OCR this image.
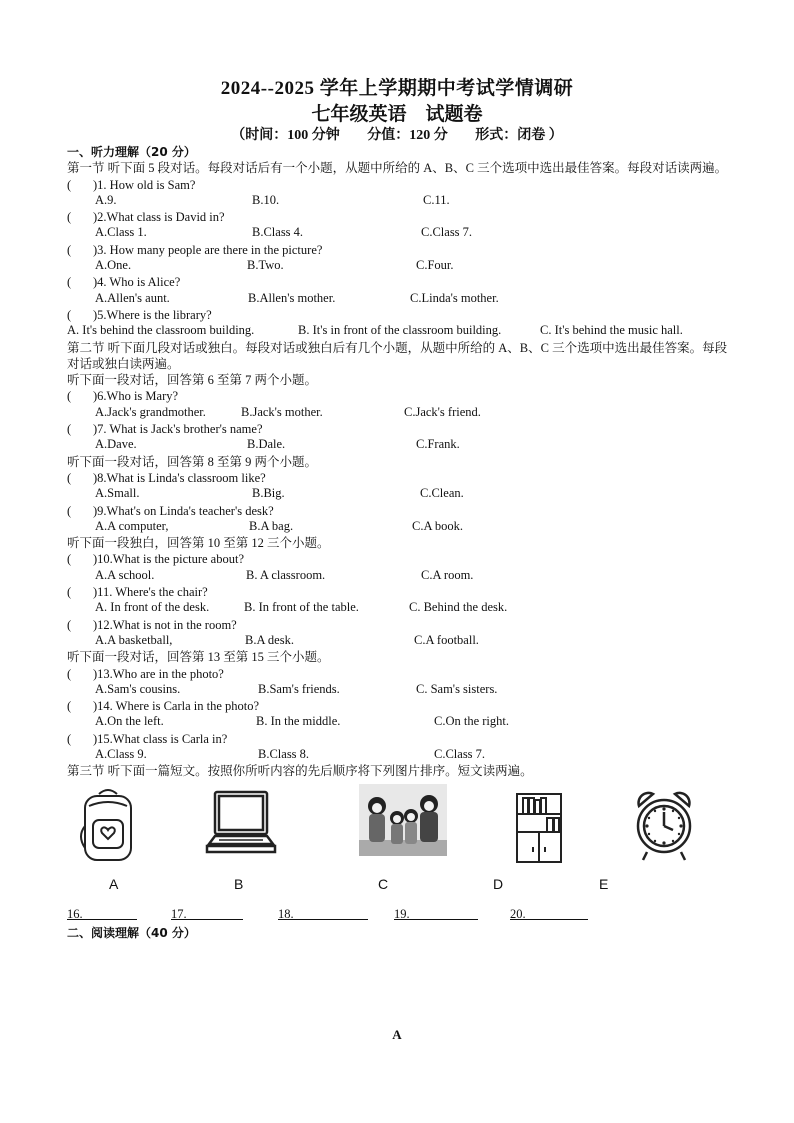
2024--2025 学年上学期期中考试学情调研
七年级英语　试题卷
（时间：100 分钟 分值：120 分 形式：闭卷 ）
一、听力理解（20 分）
第一节 听下面 5 段对话。每段对话后有一个小题，从题中所给的 A、B、C 三个选项中选出最佳答案。每段对话读两遍。
( )1. How old is Sam?
A.9.	B.10.	C.11.
( )2.What class is David in?
A.Class 1.	B.Class 4.	C.Class 7.
( )3. How many people are there in the picture?
A.One.	B.Two.	C.Four.
( )4. Who is Alice?
A.Allen's aunt.	B.Allen's mother.	C.Linda's mother.
( )5.Where is the library?
A. It's behind the classroom building.	B. It's in front of the classroom building.	C. It's behind the music hall.
第二节 听下面几段对话或独白。每段对话或独白后有几个小题，从题中所给的 A、B、C 三个选项中选出最佳答案。每段对话或独白读两遍。
听下面一段对话，回答第 6 至第 7 两个小题。
( )6.Who is Mary?
A.Jack's grandmother.	B.Jack's mother.	C.Jack's friend.
( )7. What is Jack's brother's name?
A.Dave.	B.Dale.	C.Frank.
听下面一段对话，回答第 8 至第 9 两个小题。
( )8.What is Linda's classroom like?
A.Small.	B.Big.	C.Clean.
( )9.What's on Linda's teacher's desk?
A.A computer,	B.A bag.	C.A book.
听下面一段独白，回答第 10 至第 12 三个小题。
( )10.What is the picture about?
A.A school.	B. A classroom.	C.A room.
( )11. Where's the chair?
A. In front of the desk.	B. In front of the table.	C. Behind the desk.
( )12.What is not in the room?
A.A basketball,	B.A desk.	C.A football.
听下面一段对话，回答第 13 至第 15 三个小题。
( )13.Who are in the photo?
A.Sam's cousins.	B.Sam's friends.	C. Sam's sisters.
( )14. Where is Carla in the photo?
A.On the left.	B. In the middle.	C.On the right.
( )15.What class is Carla in?
A.Class 9.	B.Class 8.	C.Class 7.
第三节 听下面一篇短文。按照你所听内容的先后顺序将下列图片排序。短文读两遍。
A	B	C	D	E
16.	17.	18.	19.	20.
二、阅读理解（40 分）
A
